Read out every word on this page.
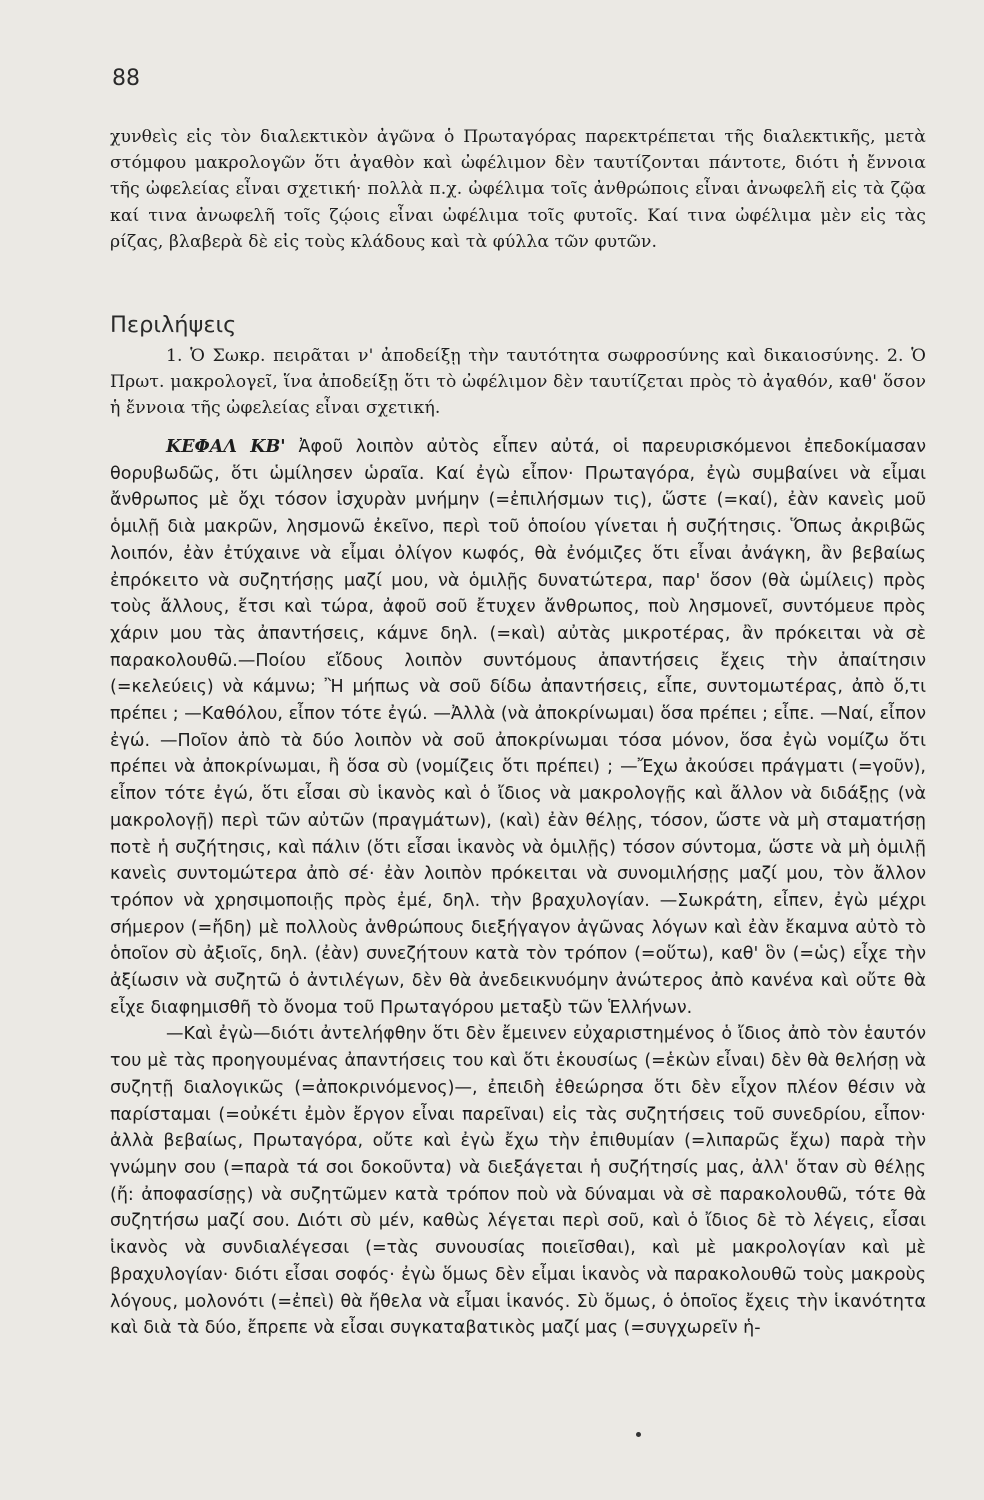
88

χυνθεὶς εἰς τὸν διαλεκτικὸν ἀγῶνα ὁ Πρωταγόρας παρεκτρέπεται τῆς διαλεκτικῆς, μετὰ στόμφου μακρολογῶν ὅτι ἀγαθὸν καὶ ὠφέλιμον δὲν ταυτίζονται πάντοτε, διότι ἡ ἔννοια τῆς ὠφελείας εἶναι σχετική· πολλὰ π.χ. ὠφέλιμα τοῖς ἀνθρώποις εἶναι ἀνωφελῆ εἰς τὰ ζῷα καί τινα ἀνωφελῆ τοῖς ζῴοις εἶναι ὠφέλιμα τοῖς φυτοῖς. Καί τινα ὠφέλιμα μὲν εἰς τὰς ρίζας, βλαβερὰ δὲ εἰς τοὺς κλάδους καὶ τὰ φύλλα τῶν φυτῶν.

Περιλήψεις

1. Ὁ Σωκρ. πειρᾶται ν' ἀποδείξῃ τὴν ταυτότητα σωφροσύνης καὶ δικαιοσύνης. 2. Ὁ Πρωτ. μακρολογεῖ, ἵνα ἀποδείξῃ ὅτι τὸ ὠφέλιμον δὲν ταυτίζεται πρὸς τὸ ἀγαθόν, καθ' ὅσον ἡ ἔννοια τῆς ὠφελείας εἶναι σχετική.

ΚΕΦΑΛ ΚΒ' Ἀφοῦ λοιπὸν αὐτὸς εἶπεν αὐτά, οἱ παρευρισκόμενοι ἐπεδοκίμασαν θορυβωδῶς, ὅτι ὡμίλησεν ὡραῖα. Καί ἐγὼ εἶπον· Πρωταγόρα, ἐγὼ συμβαίνει νὰ εἶμαι ἄνθρωπος μὲ ὄχι τόσον ἰσχυρὰν μνήμην (=ἐπιλήσμων τις), ὥστε (=καί), ἐὰν κανεὶς μοῦ ὁμιλῇ διὰ μακρῶν, λησμονῶ ἐκεῖνο, περὶ τοῦ ὁποίου γίνεται ἡ συζήτησις. Ὅπως ἀκριβῶς λοιπόν, ἐὰν ἐτύχαινε νὰ εἶμαι ὀλίγον κωφός, θὰ ἐνόμιζες ὅτι εἶναι ἀνάγκη, ἂν βεβαίως ἐπρόκειτο νὰ συζητήσῃς μαζί μου, νὰ ὁμιλῇς δυνατώτερα, παρ' ὅσον (θὰ ὡμίλεις) πρὸς τοὺς ἄλλους, ἔτσι καὶ τώρα, ἀφοῦ σοῦ ἔτυχεν ἄνθρωπος, ποὺ λησμονεῖ, συντόμευε πρὸς χάριν μου τὰς ἀπαντήσεις, κάμνε δηλ. (=καὶ) αὐτὰς μικροτέρας, ἂν πρόκειται νὰ σὲ παρακολουθῶ.—Ποίου εἴδους λοιπὸν συντόμους ἀπαντήσεις ἔχεις τὴν ἀπαίτησιν (=κελεύεις) νὰ κάμνω; Ἢ μήπως νὰ σοῦ δίδω ἀπαντήσεις, εἶπε, συντομωτέρας, ἀπὸ ὅ,τι πρέπει ; —Καθόλου, εἶπον τότε ἐγώ. —Ἀλλὰ (νὰ ἀποκρίνωμαι) ὅσα πρέπει ; εἶπε. —Ναί, εἶπον ἐγώ. —Ποῖον ἀπὸ τὰ δύο λοιπὸν νὰ σοῦ ἀποκρίνωμαι τόσα μόνον, ὅσα ἐγὼ νομίζω ὅτι πρέπει νὰ ἀποκρίνωμαι, ἢ ὅσα σὺ (νομίζεις ὅτι πρέπει) ; —Ἔχω ἀκούσει πράγματι (=γοῦν), εἶπον τότε ἐγώ, ὅτι εἶσαι σὺ ἱκανὸς καὶ ὁ ἴδιος νὰ μακρολογῇς καὶ ἄλλον νὰ διδάξῃς (νὰ μακρολογῇ) περὶ τῶν αὐτῶν (πραγμάτων), (καὶ) ἐὰν θέλῃς, τόσον, ὥστε νὰ μὴ σταματήσῃ ποτὲ ἡ συζήτησις, καὶ πάλιν (ὅτι εἶσαι ἱκανὸς νὰ ὁμιλῇς) τόσον σύντομα, ὥστε νὰ μὴ ὁμιλῇ κανεὶς συντομώτερα ἀπὸ σέ· ἐὰν λοιπὸν πρόκειται νὰ συνομιλήσῃς μαζί μου, τὸν ἄλλον τρόπον νὰ χρησιμοποιῇς πρὸς ἐμέ, δηλ. τὴν βραχυλογίαν. —Σωκράτη, εἶπεν, ἐγὼ μέχρι σήμερον (=ἤδη) μὲ πολλοὺς ἀνθρώπους διεξήγαγον ἀγῶνας λόγων καὶ ἐὰν ἔκαμνα αὐτὸ τὸ ὁποῖον σὺ ἀξιοῖς, δηλ. (ἐὰν) συνεζήτουν κατὰ τὸν τρόπον (=οὕτω), καθ' ὃν (=ὡς) εἶχε τὴν ἀξίωσιν νὰ συζητῶ ὁ ἀντιλέγων, δὲν θὰ ἀνεδεικνυόμην ἀνώτερος ἀπὸ κανένα καὶ οὔτε θὰ εἶχε διαφημισθῆ τὸ ὄνομα τοῦ Πρωταγόρου μεταξὺ τῶν Ἑλλήνων.

—Καὶ ἐγὼ—διότι ἀντελήφθην ὅτι δὲν ἔμεινεν εὐχαριστημένος ὁ ἴδιος ἀπὸ τὸν ἑαυτόν του μὲ τὰς προηγουμένας ἀπαντήσεις του καὶ ὅτι ἑκουσίως (=ἑκὼν εἶναι) δὲν θὰ θελήσῃ νὰ συζητῇ διαλογικῶς (=ἀποκρινόμενος)—, ἐπειδὴ ἐθεώρησα ὅτι δὲν εἶχον πλέον θέσιν νὰ παρίσταμαι (=οὐκέτι ἐμὸν ἔργον εἶναι παρεῖναι) εἰς τὰς συζητήσεις τοῦ συνεδρίου, εἶπον· ἀλλὰ βεβαίως, Πρωταγόρα, οὔτε καὶ ἐγὼ ἔχω τὴν ἐπιθυμίαν (=λιπαρῶς ἔχω) παρὰ τὴν γνώμην σου (=παρὰ τά σοι δοκοῦντα) νὰ διεξάγεται ἡ συζήτησίς μας, ἀλλ' ὅταν σὺ θέλῃς (ἤ: ἀποφασίσῃς) νὰ συζητῶμεν κατὰ τρόπον ποὺ νὰ δύναμαι νὰ σὲ παρακολουθῶ, τότε θὰ συζητήσω μαζί σου. Διότι σὺ μέν, καθὼς λέγεται περὶ σοῦ, καὶ ὁ ἴδιος δὲ τὸ λέγεις, εἶσαι ἱκανὸς νὰ συνδιαλέγεσαι (=τὰς συνουσίας ποιεῖσθαι), καὶ μὲ μακρολογίαν καὶ μὲ βραχυλογίαν· διότι εἶσαι σοφός· ἐγὼ ὅμως δὲν εἶμαι ἱκανὸς νὰ παρακολουθῶ τοὺς μακροὺς λόγους, μολονότι (=ἐπεὶ) θὰ ἤθελα νὰ εἶμαι ἱκανός. Σὺ ὅμως, ὁ ὁποῖος ἔχεις τὴν ἱκανότητα καὶ διὰ τὰ δύο, ἔπρεπε νὰ εἶσαι συγκαταβατικὸς μαζί μας (=συγχωρεῖν ἡ-
